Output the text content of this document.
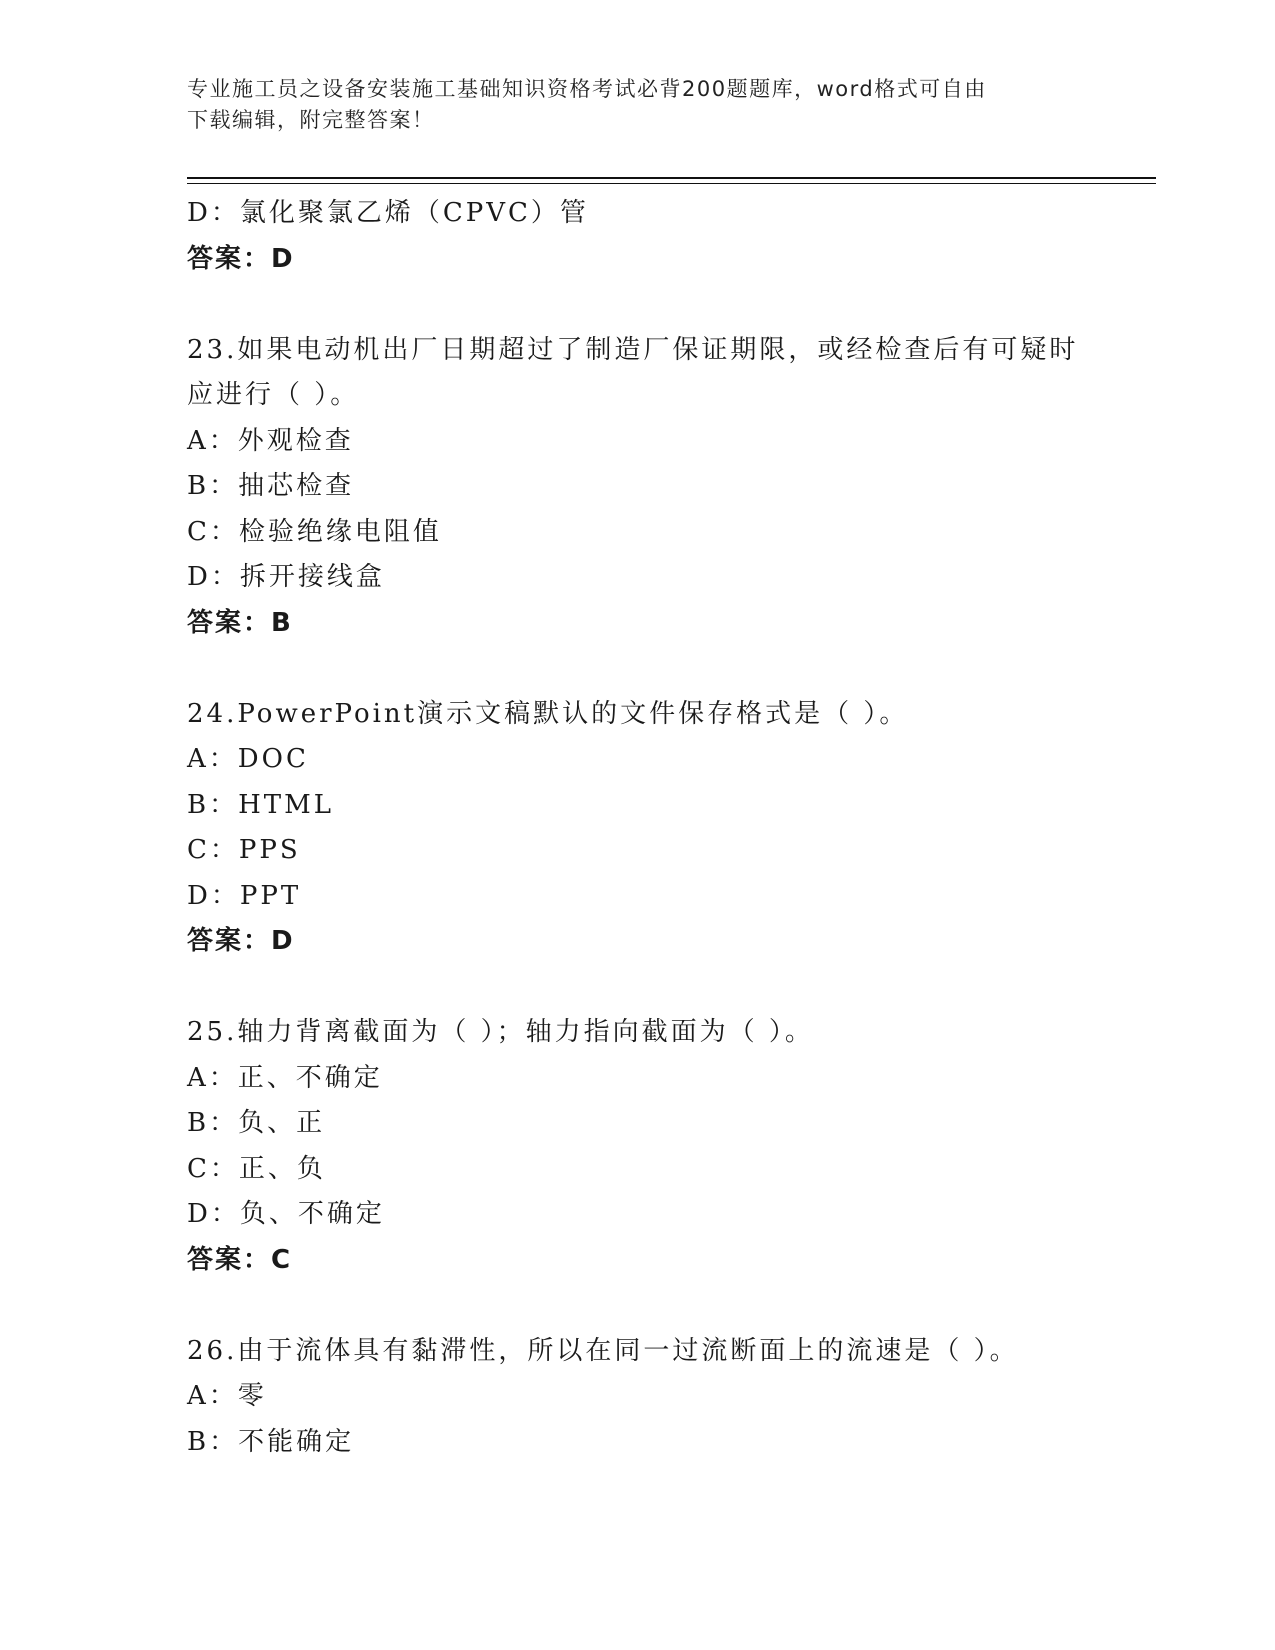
专业施工员之设备安装施工基础知识资格考试必背200题题库，word格式可自由
下载编辑，附完整答案！
D：氯化聚氯乙烯（CPVC）管
答案：D
23.如果电动机出厂日期超过了制造厂保证期限，或经检查后有可疑时
应进行（ ）。
A：外观检查
B：抽芯检查
C：检验绝缘电阻值
D：拆开接线盒
答案：B
24.PowerPoint演示文稿默认的文件保存格式是（ ）。
A：DOC
B：HTML
C：PPS
D：PPT
答案：D
25.轴力背离截面为（ ）；轴力指向截面为（ ）。
A：正、不确定
B：负、正
C：正、负
D：负、不确定
答案：C
26.由于流体具有黏滞性，所以在同一过流断面上的流速是（ ）。
A：零
B：不能确定
